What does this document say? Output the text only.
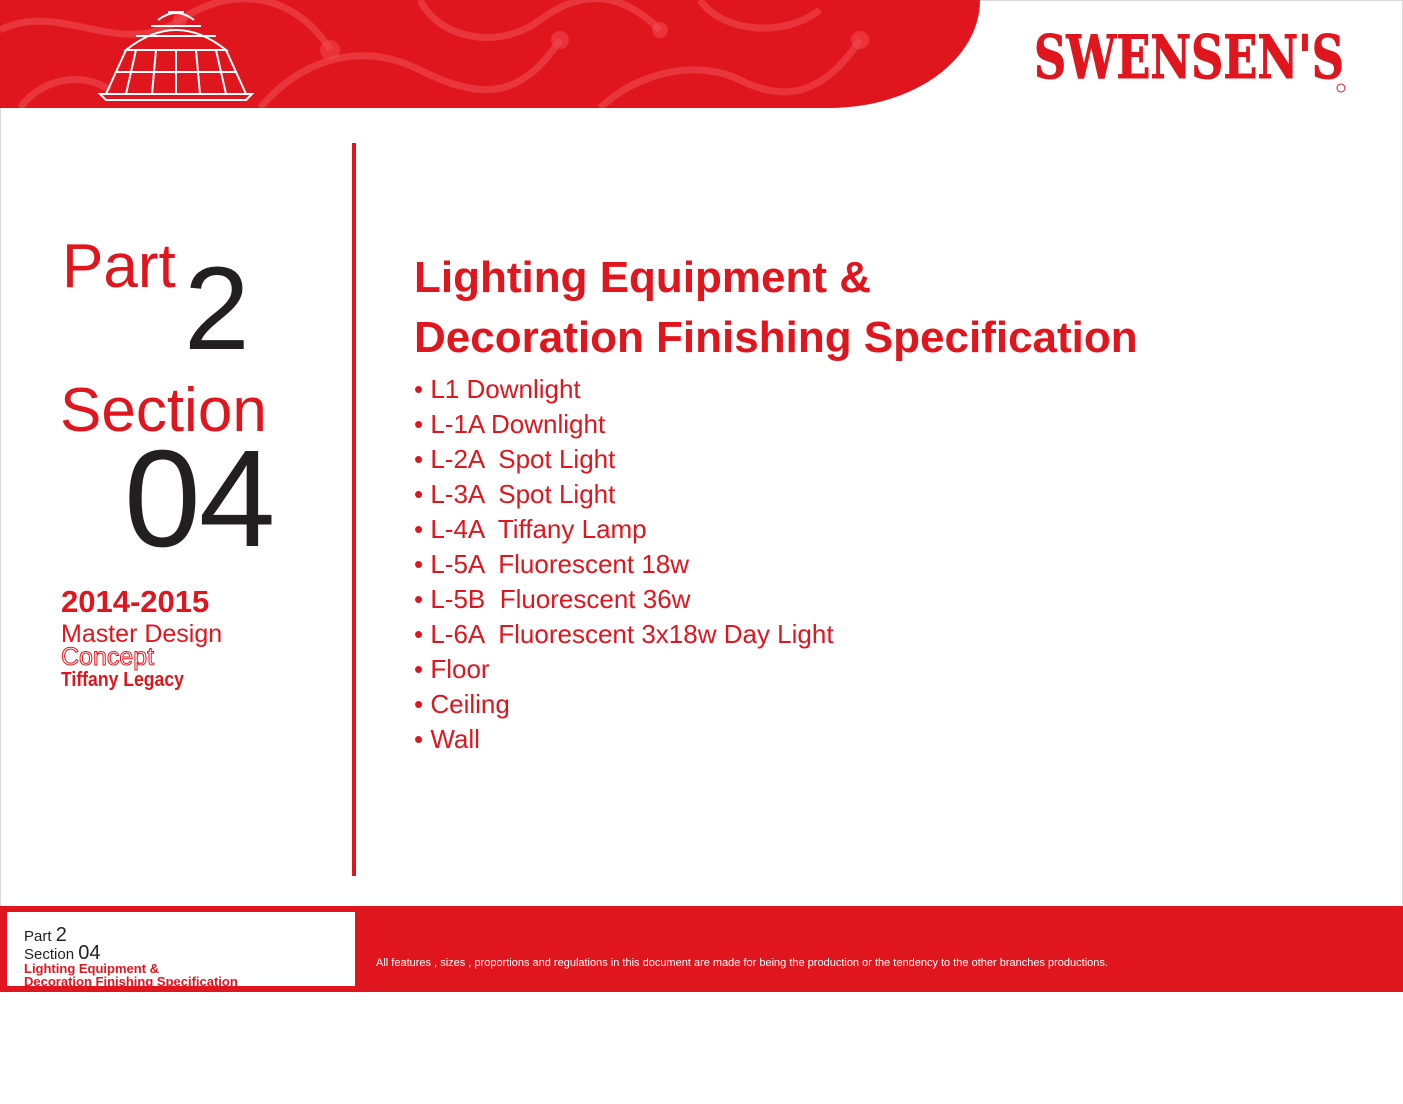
SWENSEN'S
SWENSEN'S
Part 2
Section
04
2014-2015
Master Design
Concept
Tiffany Legacy
Lighting Equipment &
Decoration Finishing Specification
• L1 Downlight
• L-1A Downlight
• L-2A  Spot Light
• L-3A  Spot Light
• L-4A  Tiffany Lamp
• L-5A  Fluorescent 18w
• L-5B  Fluorescent 36w
• L-6A  Fluorescent 3x18w Day Light
• Floor
• Ceiling
• Wall
Part 2
Section 04
Lighting Equipment &
Decoration Finishing Specification

All features , sizes , proportions and regulations in this document are made for being the production or the tendency to the other branches productions.

Any necessary to change any features , sizes , proportions or regulations in addition to be shown in this document must be allowed by “Swensen’s” before

any procedure.
